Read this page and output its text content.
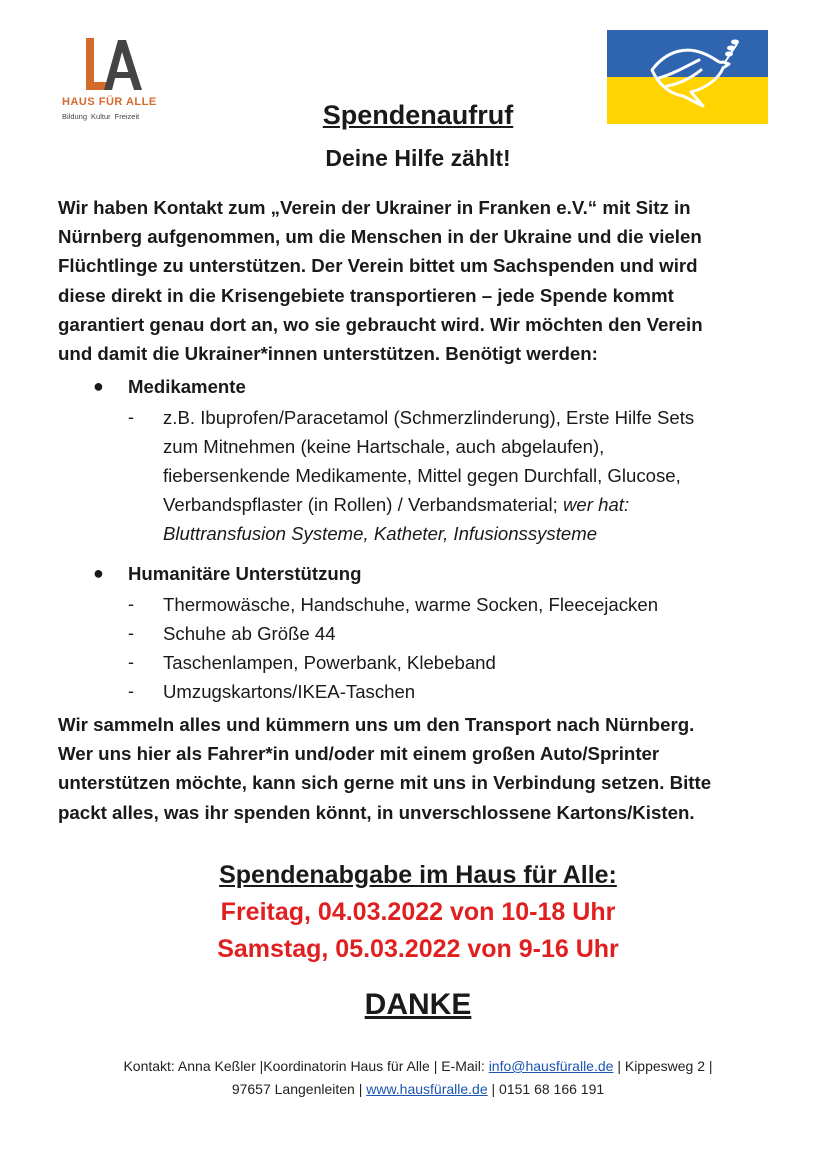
HAUS FÜR ALLE
Bildung Kultur Freizeit	Spendenaufruf
Deine Hilfe zählt!
Wir haben Kontakt zum „Verein der Ukrainer in Franken e.V.“ mit Sitz in
Nürnberg aufgenommen, um die Menschen in der Ukraine und die vielen
Flüchtlinge zu unterstützen. Der Verein bittet um Sachspenden und wird
diese direkt in die Krisengebiete transportieren – jede Spende kommt
garantiert genau dort an, wo sie gebraucht wird. Wir möchten den Verein
und damit die Ukrainer*innen unterstützen. Benötigt werden:
● Medikamente
- z.B. Ibuprofen/Paracetamol (Schmerzlinderung), Erste Hilfe Sets
zum Mitnehmen (keine Hartschale, auch abgelaufen),
fiebersenkende Medikamente, Mittel gegen Durchfall, Glucose,
Verbandspflaster (in Rollen) / Verbandsmaterial; wer hat:
Bluttransfusion Systeme, Katheter, Infusionssysteme
● Humanitäre Unterstützung
- Thermowäsche, Handschuhe, warme Socken, Fleecejacken
- Schuhe ab Größe 44
- Taschenlampen, Powerbank, Klebeband
- Umzugskartons/IKEA-Taschen
Wir sammeln alles und kümmern uns um den Transport nach Nürnberg.
Wer uns hier als Fahrer*in und/oder mit einem großen Auto/Sprinter
unterstützen möchte, kann sich gerne mit uns in Verbindung setzen. Bitte
packt alles, was ihr spenden könnt, in unverschlossene Kartons/Kisten.
Spendenabgabe im Haus für Alle:
Freitag, 04.03.2022 von 10-18 Uhr
Samstag, 05.03.2022 von 9-16 Uhr
DANKE
Kontakt: Anna Keßler |Koordinatorin Haus für Alle | E-Mail: info@hausfüralle.de | Kippesweg 2 |
97657 Langenleiten | www.hausfüralle.de | 0151 68 166 191
